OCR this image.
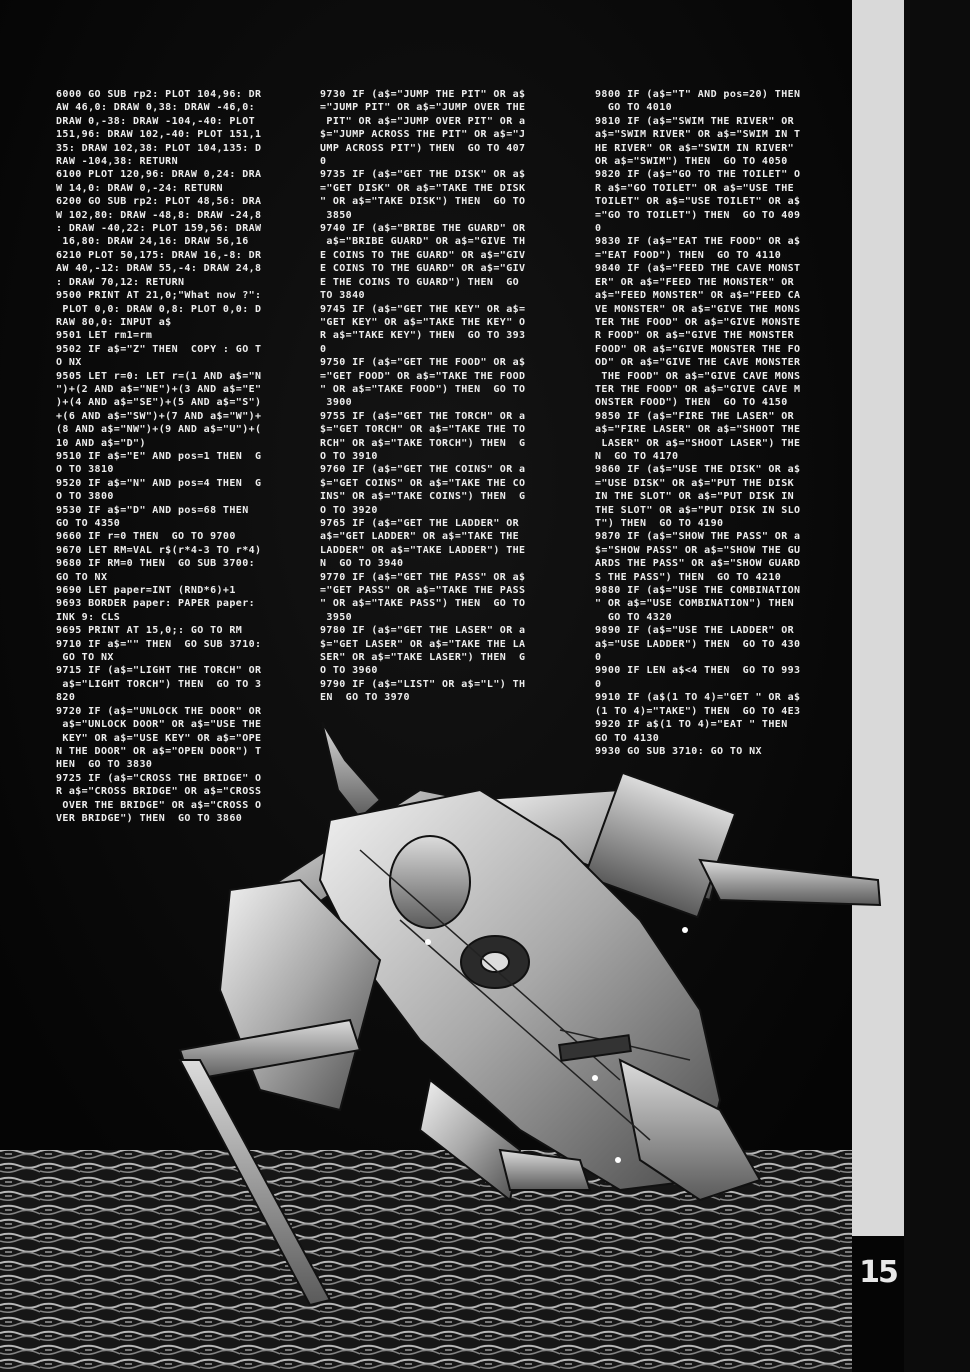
15
6000 GO SUB rp2: PLOT 104,96: DR
AW 46,0: DRAW 0,38: DRAW -46,0:
DRAW 0,-38: DRAW -104,-40: PLOT
151,96: DRAW 102,-40: PLOT 151,1
35: DRAW 102,38: PLOT 104,135: D
RAW -104,38: RETURN
6100 PLOT 120,96: DRAW 0,24: DRA
W 14,0: DRAW 0,-24: RETURN
6200 GO SUB rp2: PLOT 48,56: DRA
W 102,80: DRAW -48,8: DRAW -24,8
: DRAW -40,22: PLOT 159,56: DRAW
16,80: DRAW 24,16: DRAW 56,16
6210 PLOT 50,175: DRAW 16,-8: DR
AW 40,-12: DRAW 55,-4: DRAW 24,8
: DRAW 70,12: RETURN
9500 PRINT AT 21,0;"What now ?":
PLOT 0,0: DRAW 0,8: PLOT 0,0: D
RAW 80,0: INPUT a$
9501 LET rm1=rm
9502 IF a$="Z" THEN  COPY : GO T
O NX
9505 LET r=0: LET r=(1 AND a$="N
")+(2 AND a$="NE")+(3 AND a$="E"
)+(4 AND a$="SE")+(5 AND a$="S")
+(6 AND a$="SW")+(7 AND a$="W")+
(8 AND a$="NW")+(9 AND a$="U")+(
10 AND a$="D")
9510 IF a$="E" AND pos=1 THEN  G
O TO 3810
9520 IF a$="N" AND pos=4 THEN  G
O TO 3800
9530 IF a$="D" AND pos=68 THEN
GO TO 4350
9660 IF r=0 THEN  GO TO 9700
9670 LET RM=VAL r$(r*4-3 TO r*4)
9680 IF RM=0 THEN  GO SUB 3700:
GO TO NX
9690 LET paper=INT (RND*6)+1
9693 BORDER paper: PAPER paper:
INK 9: CLS
9695 PRINT AT 15,0;: GO TO RM
9710 IF a$="" THEN  GO SUB 3710:
GO TO NX
9715 IF (a$="LIGHT THE TORCH" OR
a$="LIGHT TORCH") THEN  GO TO 3
820
9720 IF (a$="UNLOCK THE DOOR" OR
a$="UNLOCK DOOR" OR a$="USE THE
KEY" OR a$="USE KEY" OR a$="OPE
N THE DOOR" OR a$="OPEN DOOR") T
HEN  GO TO 3830
9725 IF (a$="CROSS THE BRIDGE" O
R a$="CROSS BRIDGE" OR a$="CROSS
OVER THE BRIDGE" OR a$="CROSS O
VER BRIDGE") THEN  GO TO 3860
9730 IF (a$="JUMP THE PIT" OR a$
="JUMP PIT" OR a$="JUMP OVER THE
PIT" OR a$="JUMP OVER PIT" OR a
$="JUMP ACROSS THE PIT" OR a$="J
UMP ACROSS PIT") THEN  GO TO 407
0
9735 IF (a$="GET THE DISK" OR a$
="GET DISK" OR a$="TAKE THE DISK
" OR a$="TAKE DISK") THEN  GO TO
3850
9740 IF (a$="BRIBE THE GUARD" OR
a$="BRIBE GUARD" OR a$="GIVE TH
E COINS TO THE GUARD" OR a$="GIV
E COINS TO THE GUARD" OR a$="GIV
E THE COINS TO GUARD") THEN  GO
TO 3840
9745 IF (a$="GET THE KEY" OR a$=
"GET KEY" OR a$="TAKE THE KEY" O
R a$="TAKE KEY") THEN  GO TO 393
0
9750 IF (a$="GET THE FOOD" OR a$
="GET FOOD" OR a$="TAKE THE FOOD
" OR a$="TAKE FOOD") THEN  GO TO
3900
9755 IF (a$="GET THE TORCH" OR a
$="GET TORCH" OR a$="TAKE THE TO
RCH" OR a$="TAKE TORCH") THEN  G
O TO 3910
9760 IF (a$="GET THE COINS" OR a
$="GET COINS" OR a$="TAKE THE CO
INS" OR a$="TAKE COINS") THEN  G
O TO 3920
9765 IF (a$="GET THE LADDER" OR
a$="GET LADDER" OR a$="TAKE THE
LADDER" OR a$="TAKE LADDER") THE
N  GO TO 3940
9770 IF (a$="GET THE PASS" OR a$
="GET PASS" OR a$="TAKE THE PASS
" OR a$="TAKE PASS") THEN  GO TO
3950
9780 IF (a$="GET THE LASER" OR a
$="GET LASER" OR a$="TAKE THE LA
SER" OR a$="TAKE LASER") THEN  G
O TO 3960
9790 IF (a$="LIST" OR a$="L") TH
EN  GO TO 3970
9800 IF (a$="T" AND pos=20) THEN
GO TO 4010
9810 IF (a$="SWIM THE RIVER" OR
a$="SWIM RIVER" OR a$="SWIM IN T
HE RIVER" OR a$="SWIM IN RIVER"
OR a$="SWIM") THEN  GO TO 4050
9820 IF (a$="GO TO THE TOILET" O
R a$="GO TOILET" OR a$="USE THE
TOILET" OR a$="USE TOILET" OR a$
="GO TO TOILET") THEN  GO TO 409
0
9830 IF (a$="EAT THE FOOD" OR a$
="EAT FOOD") THEN  GO TO 4110
9840 IF (a$="FEED THE CAVE MONST
ER" OR a$="FEED THE MONSTER" OR
a$="FEED MONSTER" OR a$="FEED CA
VE MONSTER" OR a$="GIVE THE MONS
TER THE FOOD" OR a$="GIVE MONSTE
R FOOD" OR a$="GIVE THE MONSTER
FOOD" OR a$="GIVE MONSTER THE FO
OD" OR a$="GIVE THE CAVE MONSTER
THE FOOD" OR a$="GIVE CAVE MONS
TER THE FOOD" OR a$="GIVE CAVE M
ONSTER FOOD") THEN  GO TO 4150
9850 IF (a$="FIRE THE LASER" OR
a$="FIRE LASER" OR a$="SHOOT THE
LASER" OR a$="SHOOT LASER") THE
N  GO TO 4170
9860 IF (a$="USE THE DISK" OR a$
="USE DISK" OR a$="PUT THE DISK
IN THE SLOT" OR a$="PUT DISK IN
THE SLOT" OR a$="PUT DISK IN SLO
T") THEN  GO TO 4190
9870 IF (a$="SHOW THE PASS" OR a
$="SHOW PASS" OR a$="SHOW THE GU
ARDS THE PASS" OR a$="SHOW GUARD
S THE PASS") THEN  GO TO 4210
9880 IF (a$="USE THE COMBINATION
" OR a$="USE COMBINATION") THEN
GO TO 4320
9890 IF (a$="USE THE LADDER" OR
a$="USE LADDER") THEN  GO TO 430
0
9900 IF LEN a$<4 THEN  GO TO 993
0
9910 IF (a$(1 TO 4)="GET " OR a$
(1 TO 4)="TAKE") THEN  GO TO 4E3
9920 IF a$(1 TO 4)="EAT " THEN
GO TO 4130
9930 GO SUB 3710: GO TO NX
